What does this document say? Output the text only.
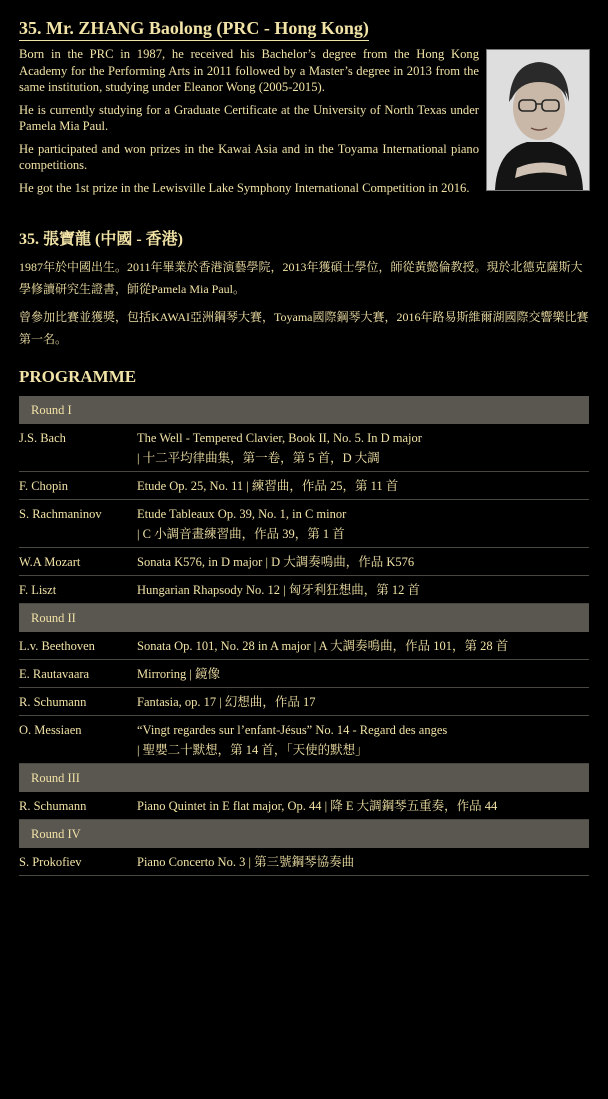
35. Mr. ZHANG Baolong (PRC - Hong Kong)

Born in the PRC in 1987, he received his Bachelor’s degree from the Hong Kong Academy for the Performing Arts in 2011 followed by a Master’s degree in 2013 from the same institution, studying under Eleanor Wong (2005-2015).

He is currently studying for a Graduate Certificate at the University of North Texas under Pamela Mia Paul.

He participated and won prizes in the Kawai Asia and in the Toyama International piano competitions.

He got the 1st prize in the Lewisville Lake Symphony International Competition in 2016.

35. 張寶龍 (中國 - 香港)

1987年於中國出生。2011年畢業於香港演藝學院，2013年獲碩士學位，師從黃懿倫教授。現於北德克薩斯大學修讀研究生證書，師從Pamela Mia Paul。

曾參加比賽並獲獎，包括KAWAI亞洲鋼琴大賽，Toyama國際鋼琴大賽，2016年路易斯維爾湖國際交響樂比賽第一名。

PROGRAMME
Round I
J.S. Bach	The Well - Tempered Clavier, Book II, No. 5. In D major
| 十二平均律曲集，第一卷，第 5 首，D 大調
F. Chopin	Etude Op. 25, No. 11 | 練習曲，作品 25，第 11 首
S. Rachmaninov	Etude Tableaux Op. 39, No. 1, in C minor
| C 小調音畫練習曲，作品 39，第 1 首
W.A Mozart	Sonata K576, in D major | D 大調奏鳴曲，作品 K576
F. Liszt	Hungarian Rhapsody No. 12 | 匈牙利狂想曲，第 12 首
Round II
L.v. Beethoven	Sonata Op. 101, No. 28 in A major | A 大調奏鳴曲，作品 101，第 28 首
E. Rautavaara	Mirroring | 鏡像
R. Schumann	Fantasia, op. 17 | 幻想曲，作品 17
O. Messiaen	“Vingt regardes sur l’enfant-Jésus” No. 14 - Regard des anges
| 聖嬰二十默想，第 14 首，「天使的默想」
Round III
R. Schumann	Piano Quintet in E flat major, Op. 44 | 降 E 大調鋼琴五重奏，作品 44
Round IV
S. Prokofiev	Piano Concerto No. 3 | 第三號鋼琴協奏曲
